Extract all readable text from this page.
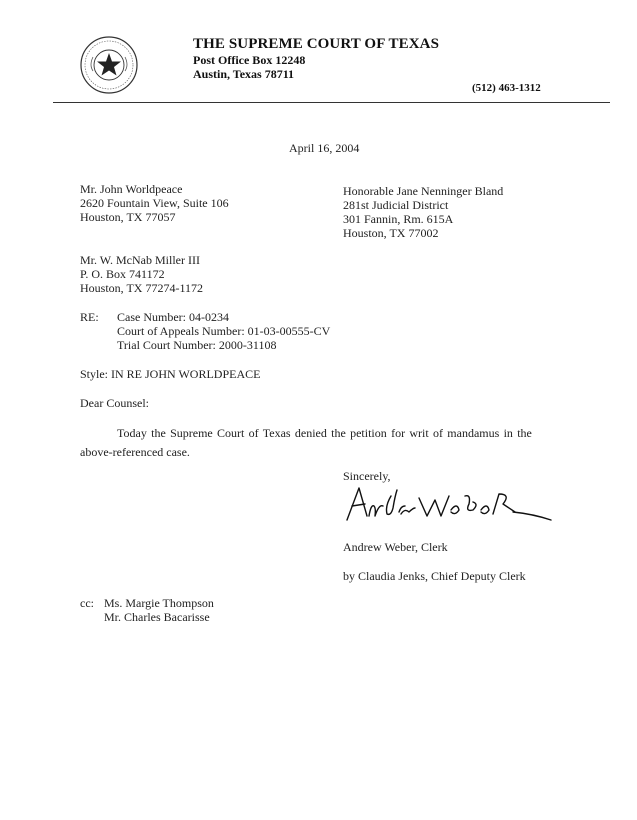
THE SUPREME COURT OF TEXAS
Post Office Box 12248
Austin, Texas 78711
(512) 463-1312
April 16, 2004
Mr. John Worldpeace
2620 Fountain View, Suite 106
Houston, TX 77057
Honorable Jane Nenninger Bland
281st Judicial District
301 Fannin, Rm. 615A
Houston, TX 77002
Mr. W. McNab Miller III
P. O. Box 741172
Houston, TX 77274-1172
RE: Case Number: 04-0234
Court of Appeals Number: 01-03-00555-CV
Trial Court Number: 2000-31108
Style: IN RE JOHN WORLDPEACE
Dear Counsel:
Today the Supreme Court of Texas denied the petition for writ of mandamus in the
above-referenced case.
Sincerely,
Andrew Weber, Clerk
by Claudia Jenks, Chief Deputy Clerk
cc: Ms. Margie Thompson
Mr. Charles Bacarisse
